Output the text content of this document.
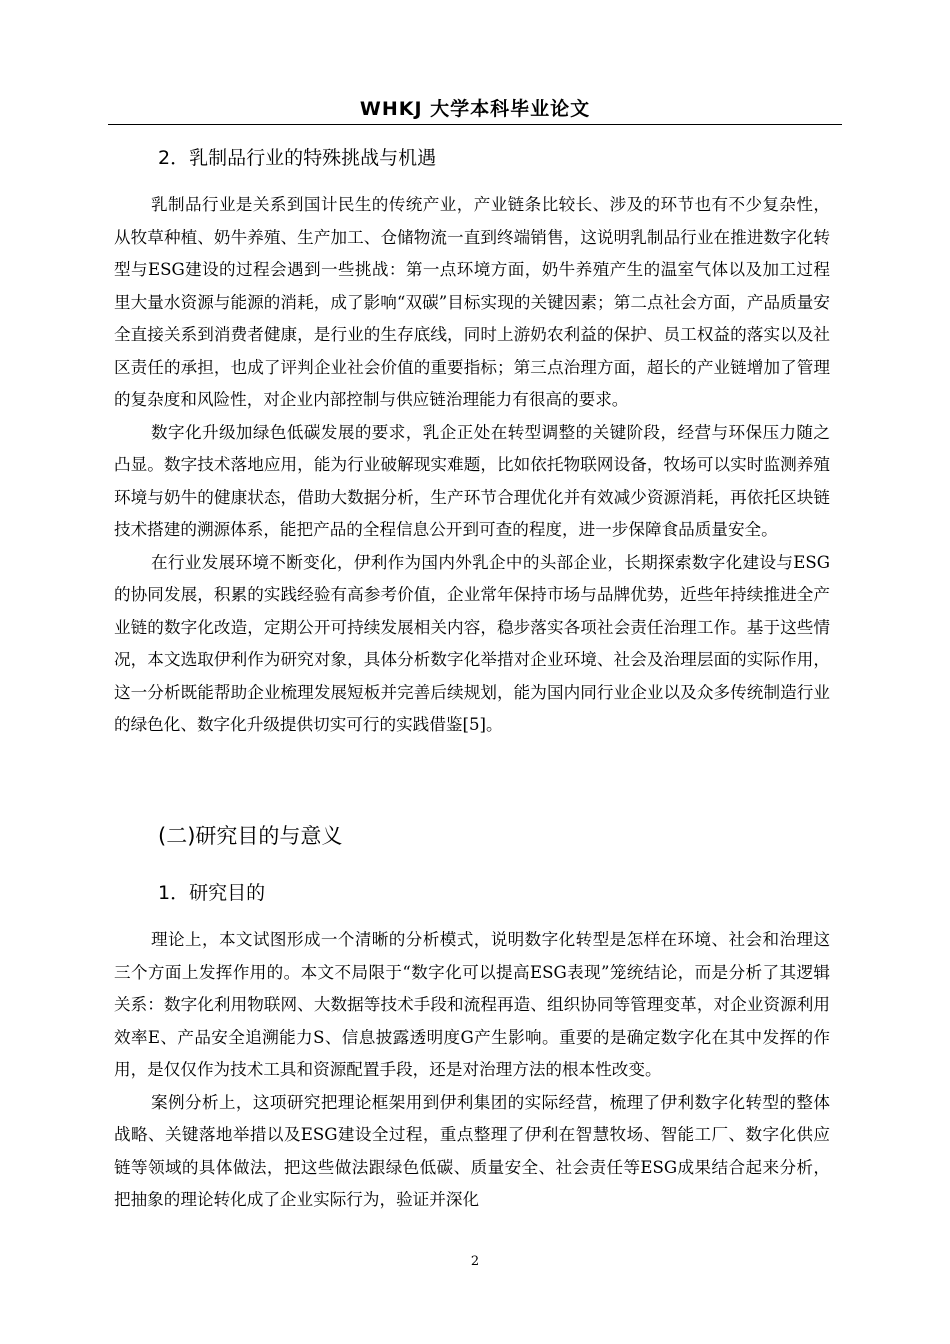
WHKJ 大学本科毕业论文
2．乳制品行业的特殊挑战与机遇

乳制品行业是关系到国计民生的传统产业，产业链条比较长、涉及的环节也有不少复杂性，从牧草种植、奶牛养殖、生产加工、仓储物流一直到终端销售，这说明乳制品行业在推进数字化转型与ESG建设的过程会遇到一些挑战：第一点环境方面，奶牛养殖产生的温室气体以及加工过程里大量水资源与能源的消耗，成了影响“双碳”目标实现的关键因素；第二点社会方面，产品质量安全直接关系到消费者健康，是行业的生存底线，同时上游奶农利益的保护、员工权益的落实以及社区责任的承担，也成了评判企业社会价值的重要指标；第三点治理方面，超长的产业链增加了管理的复杂度和风险性，对企业内部控制与供应链治理能力有很高的要求。

数字化升级加绿色低碳发展的要求，乳企正处在转型调整的关键阶段，经营与环保压力随之凸显。数字技术落地应用，能为行业破解现实难题，比如依托物联网设备，牧场可以实时监测养殖环境与奶牛的健康状态，借助大数据分析，生产环节合理优化并有效减少资源消耗，再依托区块链技术搭建的溯源体系，能把产品的全程信息公开到可查的程度，进一步保障食品质量安全。

在行业发展环境不断变化，伊利作为国内外乳企中的头部企业，长期探索数字化建设与ESG的协同发展，积累的实践经验有高参考价值，企业常年保持市场与品牌优势，近些年持续推进全产业链的数字化改造，定期公开可持续发展相关内容，稳步落实各项社会责任治理工作。基于这些情况，本文选取伊利作为研究对象，具体分析数字化举措对企业环境、社会及治理层面的实际作用，这一分析既能帮助企业梳理发展短板并完善后续规划，能为国内同行业企业以及众多传统制造行业的绿色化、数字化升级提供切实可行的实践借鉴[5]。

(二)研究目的与意义
1．研究目的

理论上，本文试图形成一个清晰的分析模式，说明数字化转型是怎样在环境、社会和治理这三个方面上发挥作用的。本文不局限于“数字化可以提高ESG表现”笼统结论，而是分析了其逻辑关系：数字化利用物联网、大数据等技术手段和流程再造、组织协同等管理变革，对企业资源利用效率E、产品安全追溯能力S、信息披露透明度G产生影响。重要的是确定数字化在其中发挥的作用，是仅仅作为技术工具和资源配置手段，还是对治理方法的根本性改变。

案例分析上，这项研究把理论框架用到伊利集团的实际经营，梳理了伊利数字化转型的整体战略、关键落地举措以及ESG建设全过程，重点整理了伊利在智慧牧场、智能工厂、数字化供应链等领域的具体做法，把这些做法跟绿色低碳、质量安全、社会责任等ESG成果结合起来分析，把抽象的理论转化成了企业实际行为，验证并深化

2
